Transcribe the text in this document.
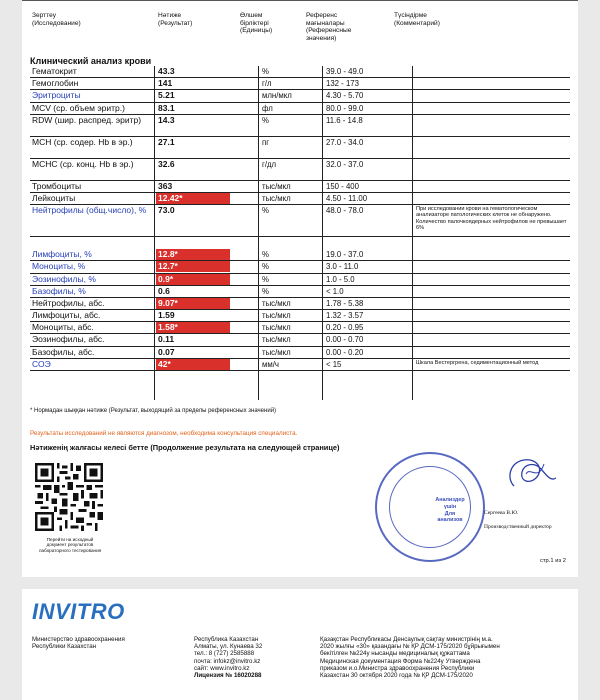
Зерттеу
(Исследование)
Нәтиже
(Результат)
Өлшем
бірліктері
(Единицы)
Референс
мағыналары
(Референсные
значения)
Түсіндірме
(Комментарий)
Клинический анализ крови
Гематокрит	43.3	%	39.0 - 49.0
Гемоглобин	141	г/л	132 - 173
Эритроциты	5.21	млн/мкл	4.30 - 5.70
MCV (ср. объем эритр.)	83.1	фл	80.0 - 99.0
RDW (шир. распред. эритр)	14.3	%	11.6 - 14.8
MCH (ср. содер. Hb в эр.)	27.1	пг	27.0 - 34.0
MCHC (ср. конц. Hb в эр.)	32.6	г/дл	32.0 - 37.0
Тромбоциты	363	тыс/мкл	150 - 400
Лейкоциты	12.42*	тыс/мкл	4.50 - 11.00
Нейтрофилы (общ.число), %	73.0	%	48.0 - 78.0	При исследовании крови на гематологическом анализаторе патологических клеток не обнаружено. Количество палочкоядерных нейтрофилов не превышает 6%
Лимфоциты, %	12.8*	%	19.0 - 37.0
Моноциты, %	12.7*	%	3.0 - 11.0
Эозинофилы, %	0.9*	%	1.0 - 5.0
Базофилы, %	0.6	%	< 1.0
Нейтрофилы, абс.	9.07*	тыс/мкл	1.78 - 5.38
Лимфоциты, абс.	1.59	тыс/мкл	1.32 - 3.57
Моноциты, абс.	1.58*	тыс/мкл	0.20 - 0.95
Эозинофилы, абс.	0.11	тыс/мкл	0.00 - 0.70
Базофилы, абс.	0.07	тыс/мкл	0.00 - 0.20
СОЭ	42*	мм/ч	< 15	Шкала Вестергрена, седиментационный метод
* Нормадан шыққан нәтиже (Результат, выходящий за пределы референсных значений)
Результаты исследований не являются диагнозом, необходима консультация специалиста.
Нәтиженің жалғасы келесі бетте (Продолжение результата на следующей странице)
Перейти на исходный
документ результатов
лабораторного тестирования
Анализдер
үшін
Для
анализов
Сергеева В.Ю.
Производственный директор
стр.1 из 2
INVITRO
Министерство здравоохранения
Республики Казахстан
Республика Казахстан
Алматы, ул. Кунаева 32
тел.: 8 (727) 2585888
почта: infokz@invitro.kz
сайт: www.invitro.kz
Лицензия № 16020288
Қазақстан Республикасы Денсаулық сақтау министрінің м.а.
2020 жылғы «30» қазандағы № ҚР ДСМ-175/2020 бұйрығымен
бекітілген №224у нысанды медициналық құжаттама
Медицинская документация Форма №224у Утверждена
приказом и.о.Министра здравоохранения Республики
Казахстан 30 октября 2020 года № ҚР ДСМ-175/2020
